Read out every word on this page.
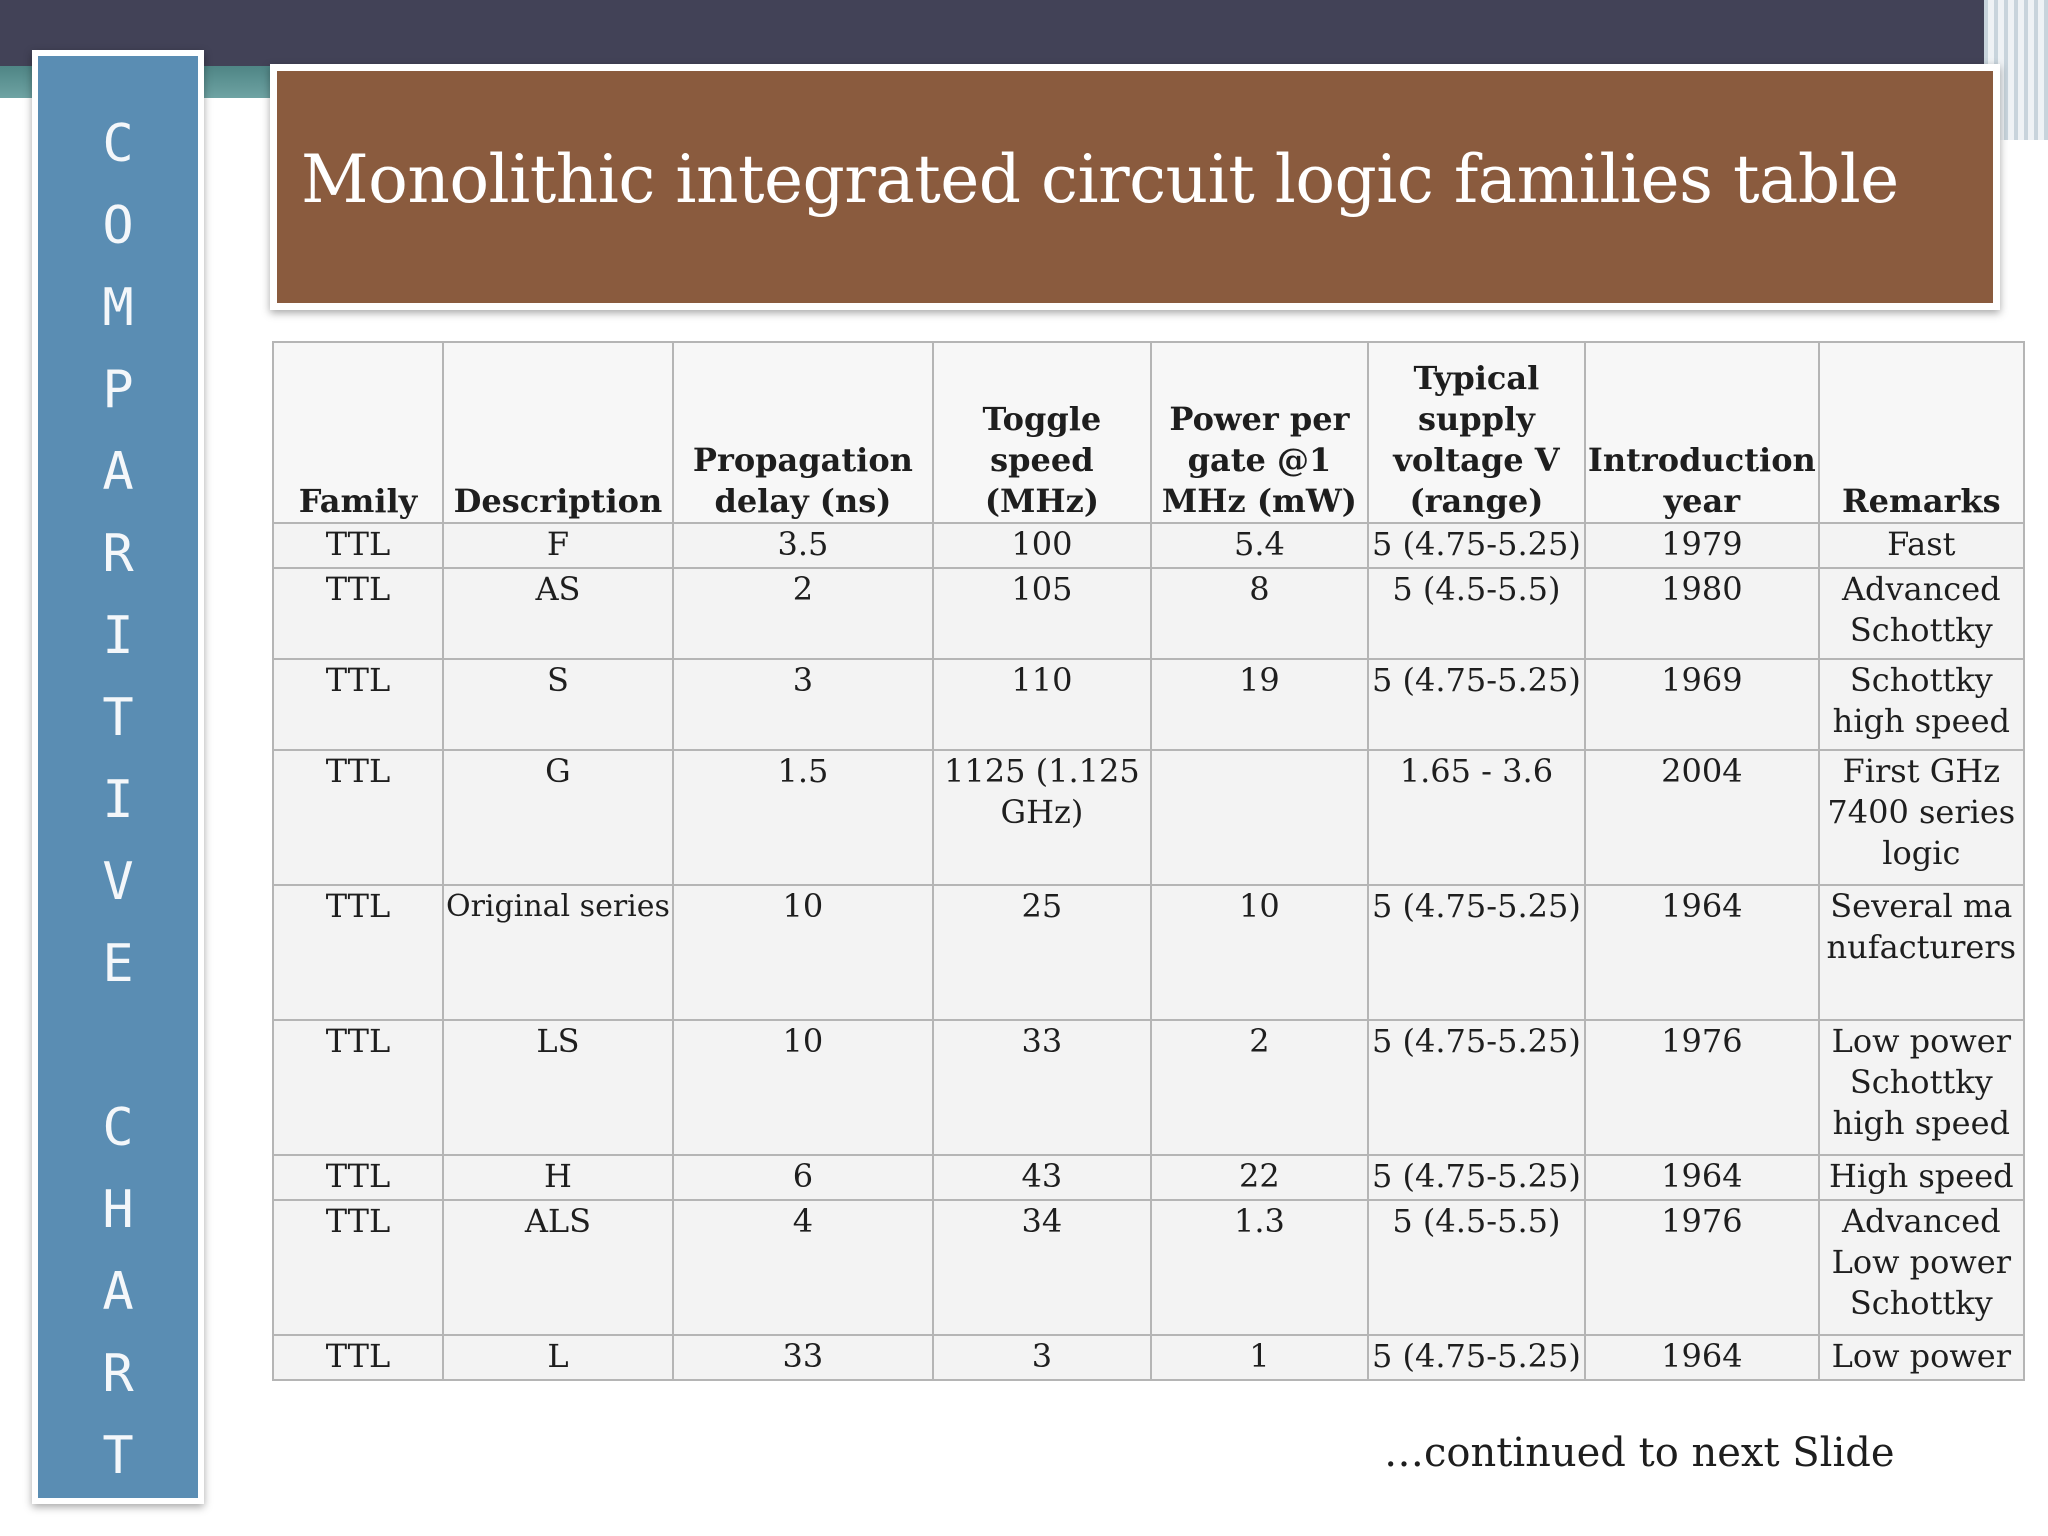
C
O
M
P
A
R
I
T
I
V
E
C
H
A
R
T
Monolithic integrated circuit logic families table
Family	Description	Propagation delay (ns)	Toggle speed (MHz)	Power per gate @1 MHz (mW)	Typical supply voltage V (range)	Introduction year	Remarks
TTL	F	3.5	100	5.4	5 (4.75-5.25)	1979	Fast
TTL	AS	2	105	8	5 (4.5-5.5)	1980	Advanced Schottky
TTL	S	3	110	19	5 (4.75-5.25)	1969	Schottky high speed
TTL	G	1.5	1125 (1.125 GHz)		1.65 - 3.6	2004	First GHz 7400 series logic
TTL	Original series	10	25	10	5 (4.75-5.25)	1964	Several manufacturers
TTL	LS	10	33	2	5 (4.75-5.25)	1976	Low power Schottky high speed
TTL	H	6	43	22	5 (4.75-5.25)	1964	High speed
TTL	ALS	4	34	1.3	5 (4.5-5.5)	1976	Advanced Low power Schottky
TTL	L	33	3	1	5 (4.75-5.25)	1964	Low power
…continued to next Slide
